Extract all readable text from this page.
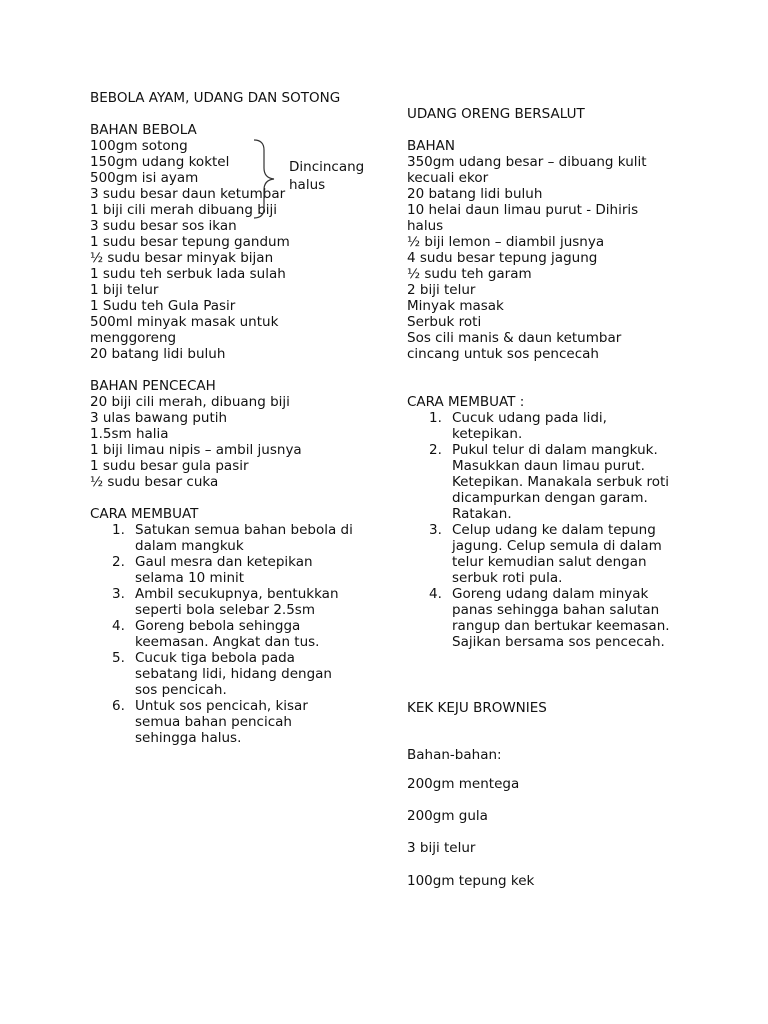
BEBOLA AYAM, UDANG DAN SOTONG
BAHAN BEBOLA
100gm sotong
150gm udang koktel
500gm isi ayam
3 sudu besar daun ketumbar
1 biji cili merah dibuang biji
3 sudu besar sos ikan
1 sudu besar tepung gandum
½ sudu besar minyak bijan
1 sudu teh serbuk lada sulah
1 biji telur
1 Sudu teh Gula Pasir
500ml minyak masak untuk
menggoreng
20 batang lidi buluh
BAHAN PENCECAH
20 biji cili merah, dibuang biji
3 ulas bawang putih
1.5sm halia
1 biji limau nipis – ambil jusnya
1 sudu besar gula pasir
½ sudu besar cuka
CARA MEMBUAT
1. Satukan semua bahan bebola di
dalam mangkuk
2. Gaul mesra dan ketepikan
selama 10 minit
3. Ambil secukupnya, bentukkan
seperti bola selebar 2.5sm
4. Goreng bebola sehingga
keemasan. Angkat dan tus.
5. Cucuk tiga bebola pada
sebatang lidi, hidang dengan
sos pencicah.
6. Untuk sos pencicah, kisar
semua bahan pencicah
sehingga halus.
Dincincang
halus
UDANG ORENG BERSALUT
BAHAN
350gm udang besar – dibuang kulit
kecuali ekor
20 batang lidi buluh
10 helai daun limau purut - Dihiris
halus
½ biji lemon – diambil jusnya
4 sudu besar tepung jagung
½ sudu teh garam
2 biji telur
Minyak masak
Serbuk roti
Sos cili manis & daun ketumbar
cincang untuk sos pencecah
CARA MEMBUAT :
1. Cucuk udang pada lidi,
ketepikan.
2. Pukul telur di dalam mangkuk.
Masukkan daun limau purut.
Ketepikan. Manakala serbuk roti
dicampurkan dengan garam.
Ratakan.
3. Celup udang ke dalam tepung
jagung. Celup semula di dalam
telur kemudian salut dengan
serbuk roti pula.
4. Goreng udang dalam minyak
panas sehingga bahan salutan
rangup dan bertukar keemasan.
Sajikan bersama sos pencecah.
KEK KEJU BROWNIES
Bahan-bahan:
200gm mentega
200gm gula
3 biji telur
100gm tepung kek
